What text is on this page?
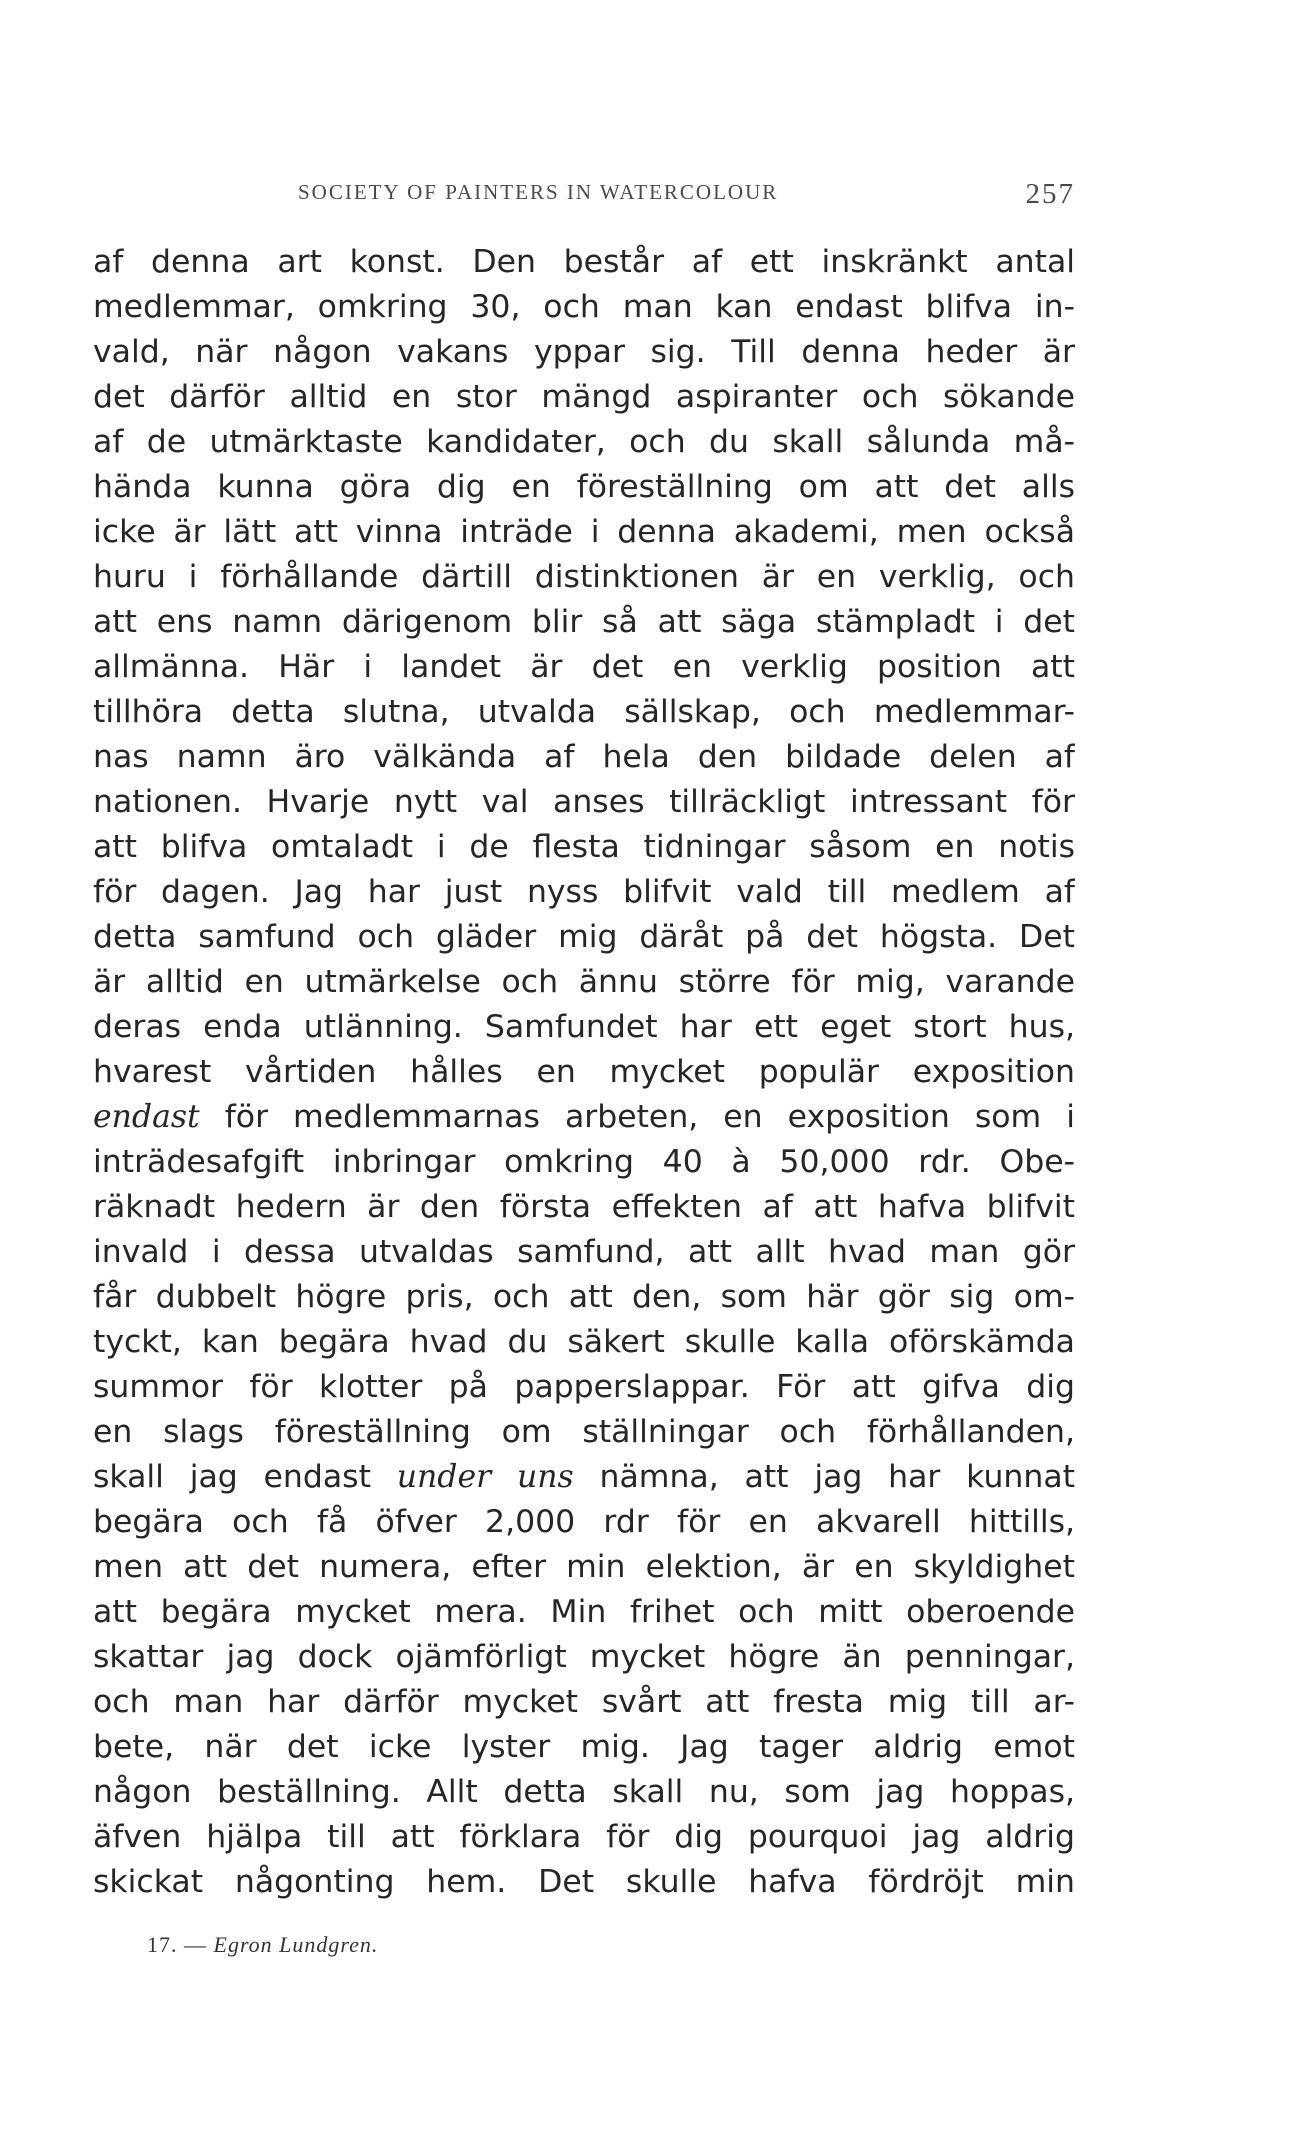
SOCIETY OF PAINTERS IN WATERCOLOUR	257
af denna art konst. Den består af ett inskränkt antal
medlemmar, omkring 30, och man kan endast blifva in-
vald, när någon vakans yppar sig. Till denna heder är
det därför alltid en stor mängd aspiranter och sökande
af de utmärktaste kandidater, och du skall sålunda må-
hända kunna göra dig en föreställning om att det alls
icke är lätt att vinna inträde i denna akademi, men också
huru i förhållande därtill distinktionen är en verklig, och
att ens namn därigenom blir så att säga stämpladt i det
allmänna. Här i landet är det en verklig position att
tillhöra detta slutna, utvalda sällskap, och medlemmar-
nas namn äro välkända af hela den bildade delen af
nationen. Hvarje nytt val anses tillräckligt intressant för
att blifva omtaladt i de flesta tidningar såsom en notis
för dagen. Jag har just nyss blifvit vald till medlem af
detta samfund och gläder mig däråt på det högsta. Det
är alltid en utmärkelse och ännu större för mig, varande
deras enda utlänning. Samfundet har ett eget stort hus,
hvarest vårtiden hålles en mycket populär exposition
endast för medlemmarnas arbeten, en exposition som i
inträdesafgift inbringar omkring 40 à 50,000 rdr. Obe-
räknadt hedern är den första effekten af att hafva blifvit
invald i dessa utvaldas samfund, att allt hvad man gör
får dubbelt högre pris, och att den, som här gör sig om-
tyckt, kan begära hvad du säkert skulle kalla oförskämda
summor för klotter på papperslappar. För att gifva dig
en slags föreställning om ställningar och förhållanden,
skall jag endast under uns nämna, att jag har kunnat
begära och få öfver 2,000 rdr för en akvarell hittills,
men att det numera, efter min elektion, är en skyldighet
att begära mycket mera. Min frihet och mitt oberoende
skattar jag dock ojämförligt mycket högre än penningar,
och man har därför mycket svårt att fresta mig till ar-
bete, när det icke lyster mig. Jag tager aldrig emot
någon beställning. Allt detta skall nu, som jag hoppas,
äfven hjälpa till att förklara för dig pourquoi jag aldrig
skickat någonting hem. Det skulle hafva fördröjt min
17. — Egron Lundgren.
